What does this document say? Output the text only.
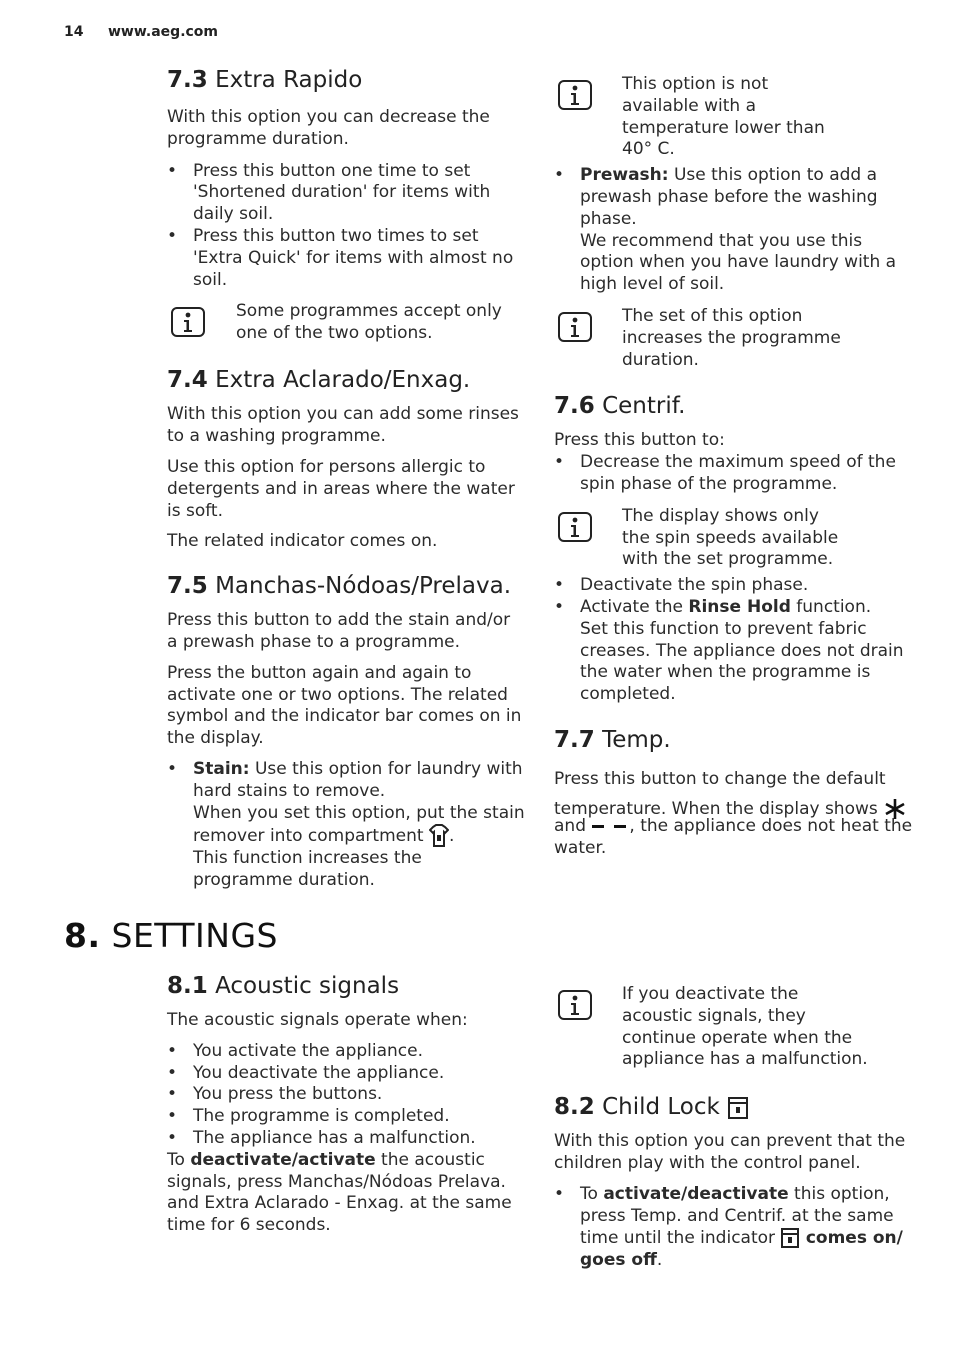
14 www.aeg.com
7.3 Extra Rapido

With this option you can decrease the programme duration.

• Press this button one time to set 'Shortened duration' for items with daily soil.
• Press this button two times to set 'Extra Quick' for items with almost no soil.
Some programmes accept only one of the two options.
7.4 Extra Aclarado/Enxag.

With this option you can add some rinses to a washing programme.

Use this option for persons allergic to detergents and in areas where the water is soft.

The related indicator comes on.

7.5 Manchas-Nódoas/Prelava.

Press this button to add the stain and/or a prewash phase to a programme.

Press the button again and again to activate one or two options. The related symbol and the indicator bar comes on in the display.

• Stain: Use this option for laundry with hard stains to remove.
When you set this option, put the stain remover into compartment .
This function increases the programme duration.
This option is not available with a temperature lower than 40° C.
• Prewash: Use this option to add a prewash phase before the washing phase.
We recommend that you use this option when you have laundry with a high level of soil.
The set of this option increases the programme duration.
7.6 Centrif.

Press this button to:

• Decrease the maximum speed of the spin phase of the programme.
The display shows only the spin speeds available with the set programme.
• Deactivate the spin phase.
• Activate the Rinse Hold function.
Set this function to prevent fabric creases. The appliance does not drain the water when the programme is completed.
7.7 Temp.

Press this button to change the default
temperature. When the display shows

and	, the appliance does not heat the water.

8. SETTINGS
8.1 Acoustic signals

The acoustic signals operate when:

• You activate the appliance.
• You deactivate the appliance.
• You press the buttons.
• The programme is completed.
• The appliance has a malfunction.

To deactivate/activate the acoustic signals, press Manchas/Nódoas Prelava. and Extra Aclarado - Enxag. at the same time for 6 seconds.

If you deactivate the acoustic signals, they continue operate when the appliance has a malfunction.
8.2 Child Lock

With this option you can prevent that the children play with the control panel.

• To activate/deactivate this option, press Temp. and Centrif. at the same time until the indicator comes on/ goes off.
